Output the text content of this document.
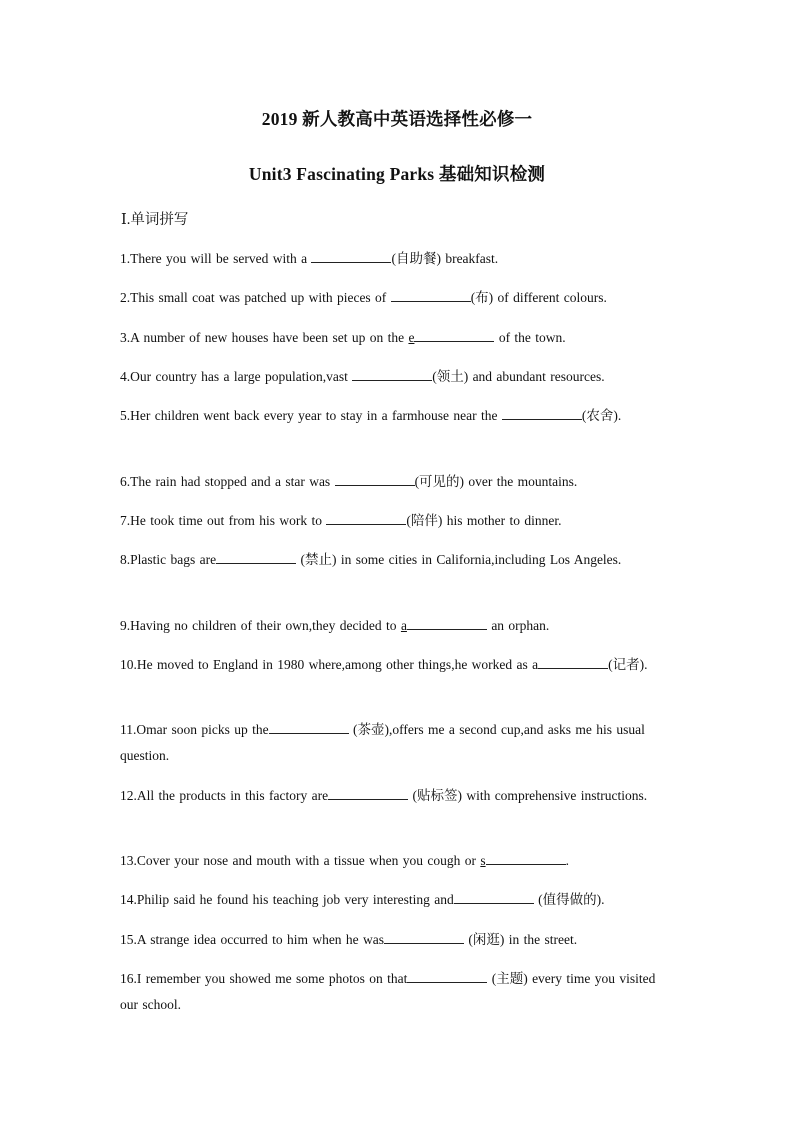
2019 新人教高中英语选择性必修一
Unit3 Fascinating Parks 基础知识检测
Ⅰ.单词拼写
1.There you will be served with a	(自助餐) breakfast.
2.This small coat was patched up with pieces of	(布) of different colours.
3.A number of new houses have been set up on the e	of the town.
4.Our country has a large population,vast	(领土) and abundant resources.
5.Her children went back every year to stay in a farmhouse near the	(农舍).
6.The rain had stopped and a star was	(可见的) over the mountains.
7.He took time out from his work to	(陪伴) his mother to dinner.
8.Plastic bags are	(禁止) in some cities in California,including Los Angeles.
9.Having no children of their own,they decided to a	an orphan.
10.He moved to England in 1980 where,among other things,he worked as a	(记者).
11.Omar soon picks up the	(茶壶),offers me a second cup,and asks me his usual question.
12.All the products in this factory are	(贴标签) with comprehensive instructions.
13.Cover your nose and mouth with a tissue when you cough or s	.
14.Philip said he found his teaching job very interesting and	(值得做的).
15.A strange idea occurred to him when he was	(闲逛) in the street.
16.I remember you showed me some photos on that	(主题) every time you visited our school.
